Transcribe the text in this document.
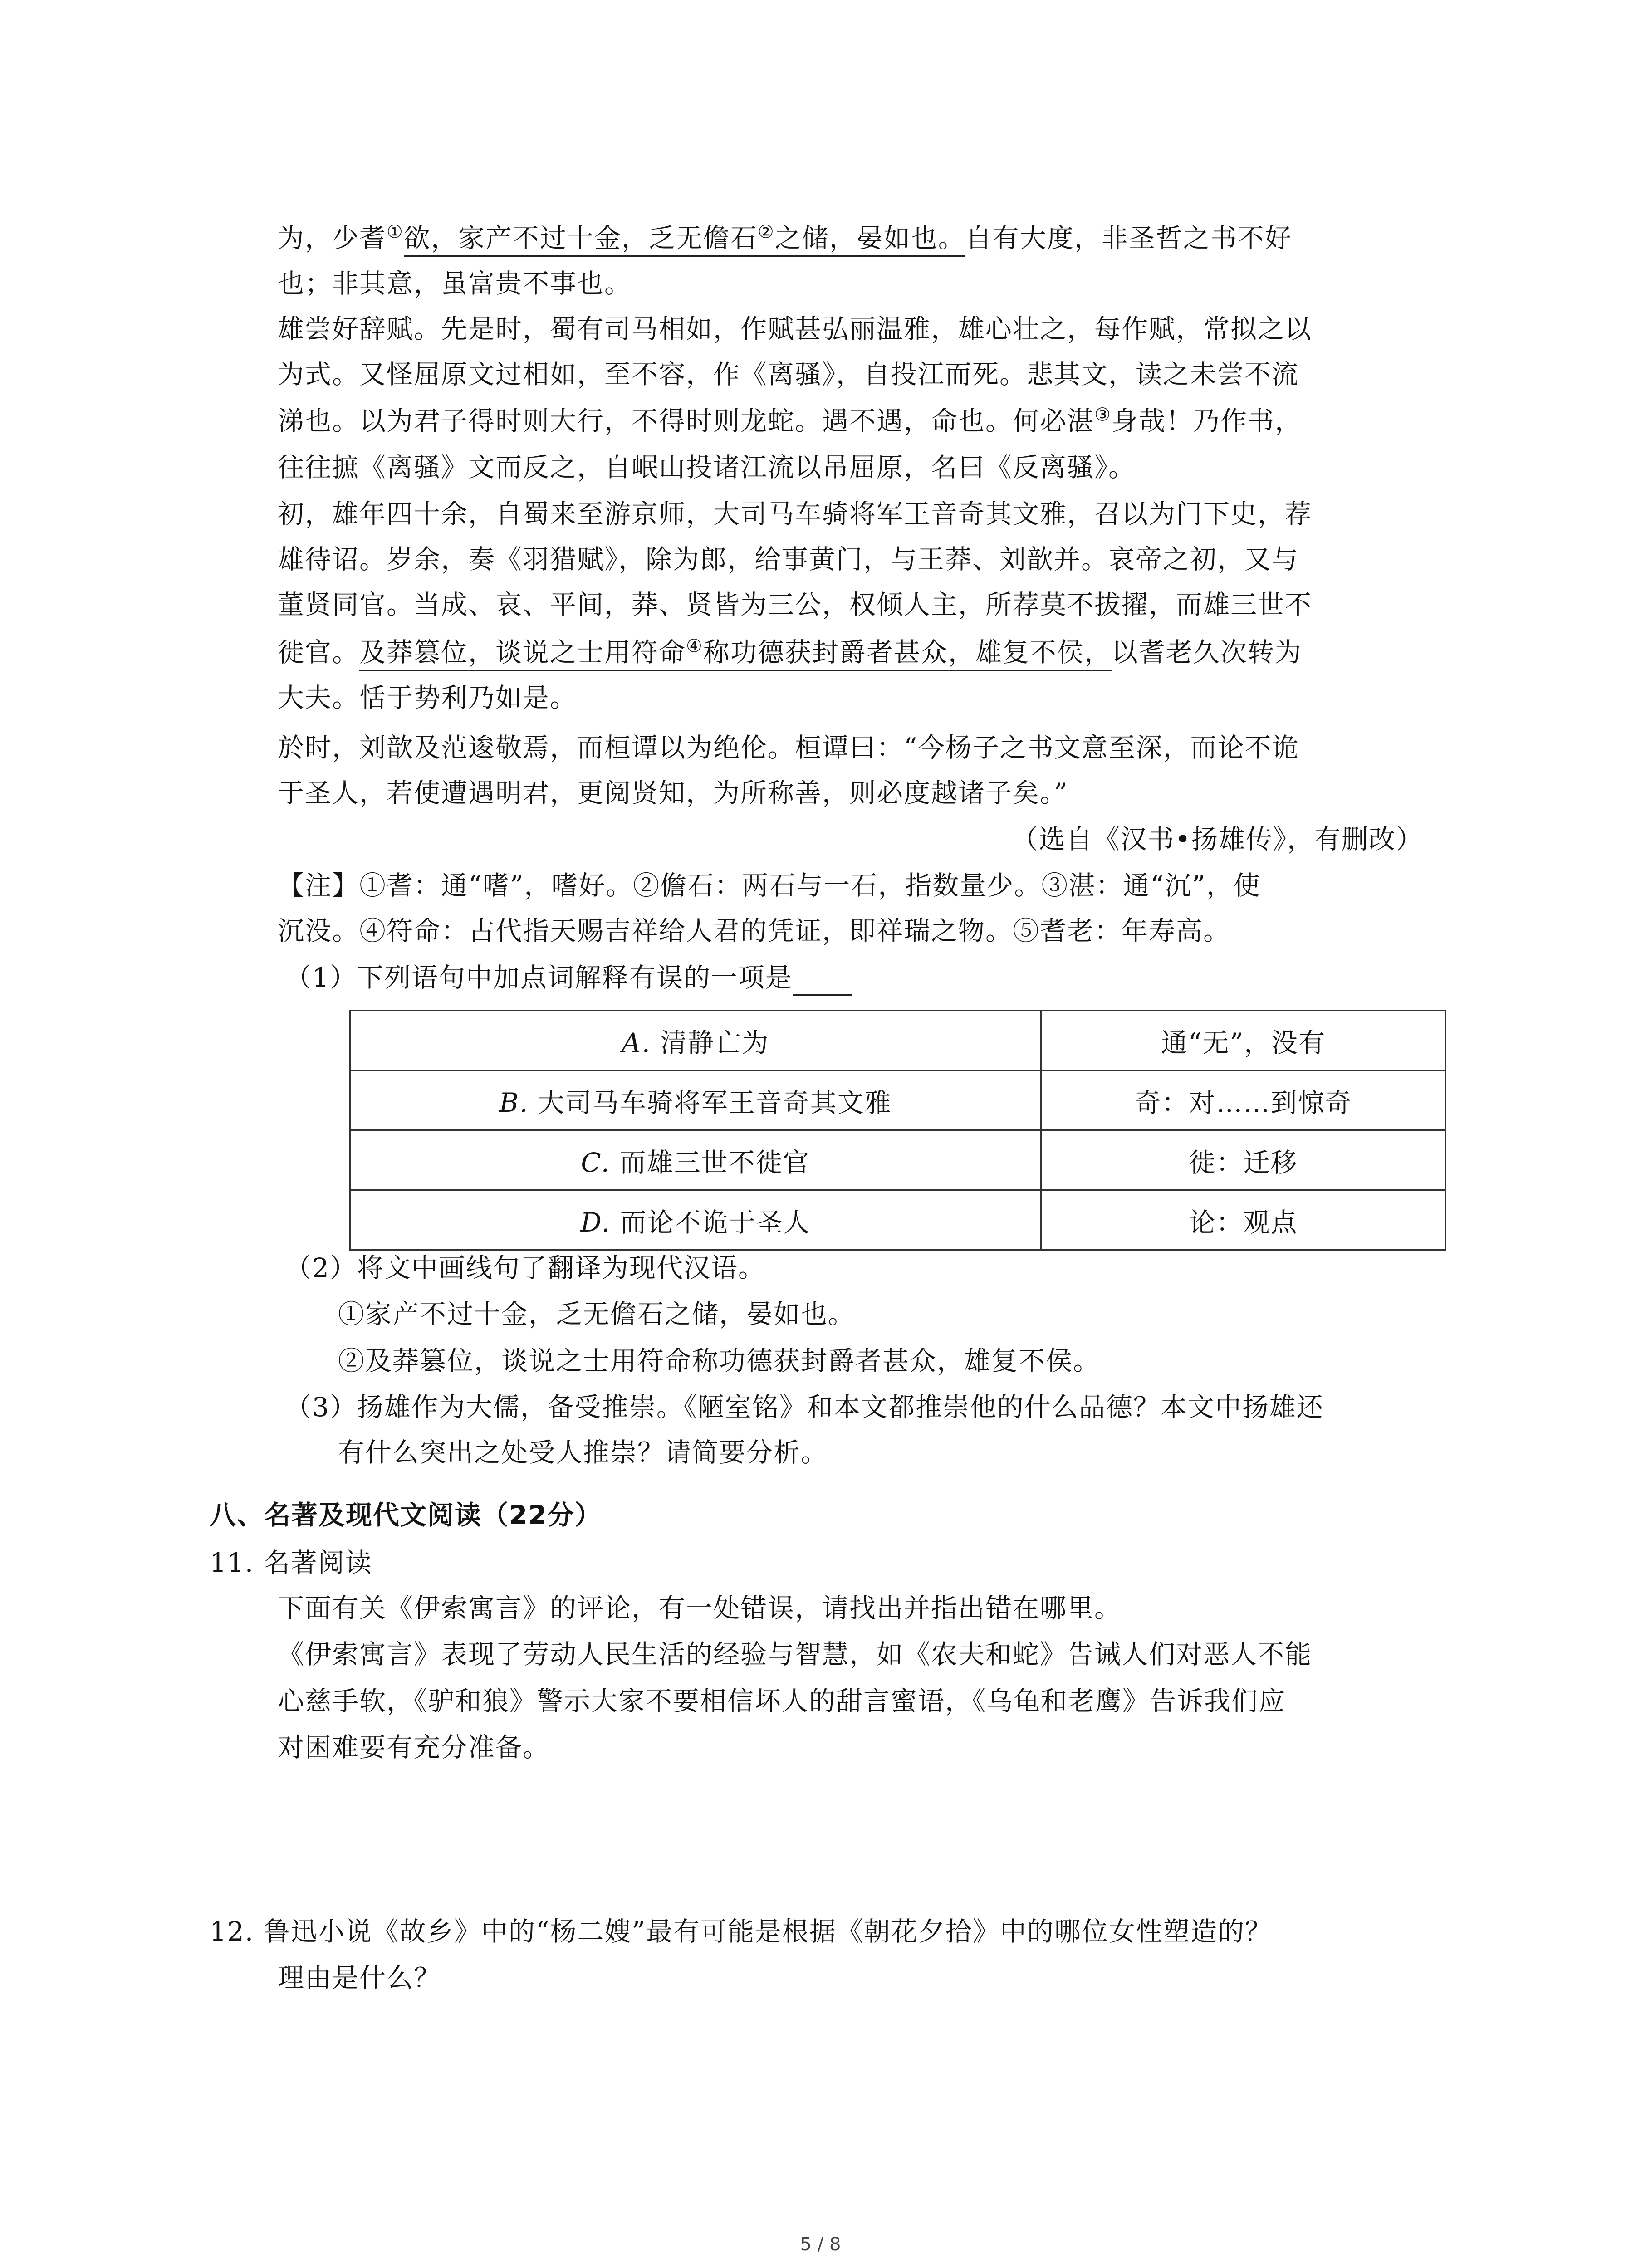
为，少耆①欲，家产不过十金，乏无儋石②之储，晏如也。自有大度，非圣哲之书不好
也；非其意，虽富贵不事也。
雄尝好辞赋。先是时，蜀有司马相如，作赋甚弘丽温雅，雄心壮之，每作赋，常拟之以
为式。又怪屈原文过相如，至不容，作《离骚》，自投江而死。悲其文，读之未尝不流
涕也。以为君子得时则大行，不得时则龙蛇。遇不遇，命也。何必湛③身哉！乃作书，
往往摭《离骚》文而反之，自岷山投诸江流以吊屈原，名曰《反离骚》。
初，雄年四十余，自蜀来至游京师，大司马车骑将军王音奇其文雅，召以为门下史，荐
雄待诏。岁余，奏《羽猎赋》，除为郎，给事黄门，与王莽、刘歆并。哀帝之初，又与
董贤同官。当成、哀、平间，莽、贤皆为三公，权倾人主，所荐莫不拔擢，而雄三世不
徙官。及莽篡位，谈说之士用符命④称功德获封爵者甚众，雄复不侯，以耆老久次转为
大夫。恬于势利乃如是。
於时，刘歆及范逡敬焉，而桓谭以为绝伦。桓谭曰：“今杨子之书文意至深，而论不诡
于圣人，若使遭遇明君，更阅贤知，为所称善，则必度越诸子矣。”
（选自《汉书•扬雄传》，有删改）
【注】①耆：通“嗜”，嗜好。②儋石：两石与一石，指数量少。③湛：通“沉”，使
沉没。④符命：古代指天赐吉祥给人君的凭证，即祥瑞之物。⑤耆老：年寿高。
（1）下列语句中加点词解释有误的一项是
A. 清静亡为	通“无”，没有
B. 大司马车骑将军王音奇其文雅	奇：对……到惊奇
C. 而雄三世不徙官	徙：迁移
D. 而论不诡于圣人	论：观点
（2）将文中画线句了翻译为现代汉语。
①家产不过十金，乏无儋石之储，晏如也。
②及莽篡位，谈说之士用符命称功德获封爵者甚众，雄复不侯。
（3）扬雄作为大儒，备受推崇。《陋室铭》和本文都推崇他的什么品德？本文中扬雄还
有什么突出之处受人推崇？请简要分析。
八、名著及现代文阅读（22分）
11. 名著阅读
下面有关《伊索寓言》的评论，有一处错误，请找出并指出错在哪里。
《伊索寓言》表现了劳动人民生活的经验与智慧，如《农夫和蛇》告诫人们对恶人不能
心慈手软，《驴和狼》警示大家不要相信坏人的甜言蜜语，《乌龟和老鹰》告诉我们应
对困难要有充分准备。
12. 鲁迅小说《故乡》中的“杨二嫂”最有可能是根据《朝花夕拾》中的哪位女性塑造的？
理由是什么？
5 / 8
